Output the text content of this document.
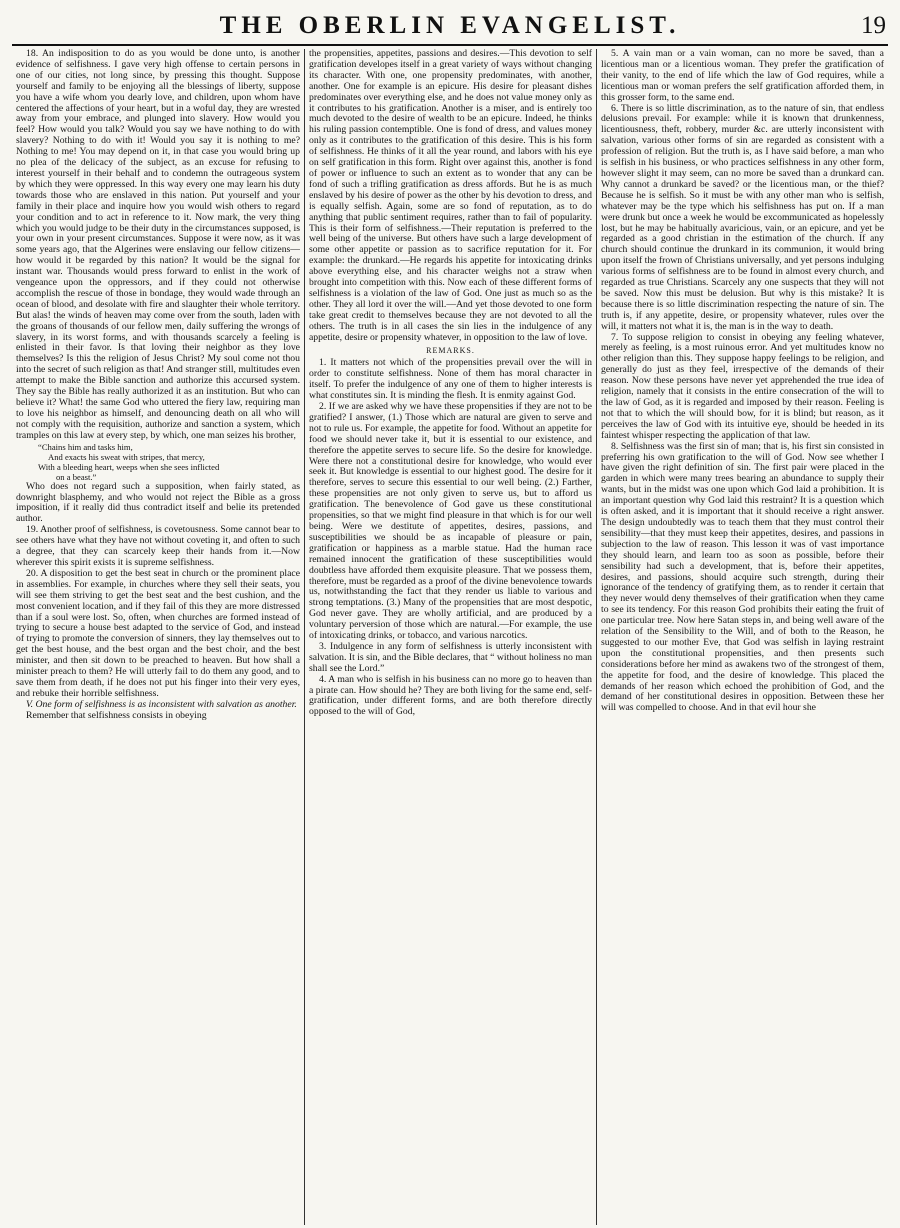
THE OBERLIN EVANGELIST.	19

18. An indisposition to do as you would be done unto, is another evidence of selfishness. I gave very high offense to certain persons in one of our cities, not long since, by pressing this thought. Suppose yourself and family to be enjoying all the blessings of liberty, suppose you have a wife whom you dearly love, and children, upon whom have centered the affections of your heart, but in a woful day, they are wrested away from your embrace, and plunged into slavery. How would you feel? How would you talk? Would you say we have nothing to do with slavery? Nothing to do with it! Would you say it is nothing to me? Nothing to me! You may depend on it, in that case you would bring up no plea of the delicacy of the subject, as an excuse for refusing to interest yourself in their behalf and to condemn the outrageous system by which they were oppressed. In this way every one may learn his duty towards those who are enslaved in this nation. Put yourself and your family in their place and inquire how you would wish others to regard your condition and to act in reference to it. Now mark, the very thing which you would judge to be their duty in the circumstances supposed, is your own in your present circumstances. Suppose it were now, as it was some years ago, that the Algerines were enslaving our fellow citizens—how would it be regarded by this nation? It would be the signal for instant war. Thousands would press forward to enlist in the work of vengeance upon the oppressors, and if they could not otherwise accomplish the rescue of those in bondage, they would wade through an ocean of blood, and desolate with fire and slaughter their whole territory. But alas! the winds of heaven may come over from the south, laden with the groans of thousands of our fellow men, daily suffering the wrongs of slavery, in its worst forms, and with thousands scarcely a feeling is enlisted in their favor. Is that loving their neighbor as they love themselves? Is this the religion of Jesus Christ? My soul come not thou into the secret of such religion as that! And stranger still, multitudes even attempt to make the Bible sanction and authorize this accursed system. They say the Bible has really authorized it as an institution. But who can believe it? What! the same God who uttered the fiery law, requiring man to love his neighbor as himself, and denouncing death on all who will not comply with the requisition, authorize and sanction a system, which tramples on this law at every step, by which, one man seizes his brother,

“Chains him and tasks him,
And exacts his sweat with stripes, that mercy,
With a bleeding heart, weeps when she sees inflicted
on a beast.”

Who does not regard such a supposition, when fairly stated, as downright blasphemy, and who would not reject the Bible as a gross imposition, if it really did thus contradict itself and belie its pretended author.

19. Another proof of selfishness, is covetousness. Some cannot bear to see others have what they have not without coveting it, and often to such a degree, that they can scarcely keep their hands from it.—Now wherever this spirit exists it is supreme selfishness.

20. A disposition to get the best seat in church or the prominent place in assemblies. For example, in churches where they sell their seats, you will see them striving to get the best seat and the best cushion, and the most convenient location, and if they fail of this they are more distressed than if a soul were lost. So, often, when churches are formed instead of trying to secure a house best adapted to the service of God, and instead of trying to promote the conversion of sinners, they lay themselves out to get the best house, and the best organ and the best choir, and the best minister, and then sit down to be preached to heaven. But how shall a minister preach to them? He will utterly fail to do them any good, and to save them from death, if he does not put his finger into their very eyes, and rebuke their horrible selfishness.

V. One form of selfishness is as inconsistent with salvation as another.

Remember that selfishness consists in obeying

the propensities, appetites, passions and desires.—This devotion to self gratification developes itself in a great variety of ways without changing its character. With one, one propensity predominates, with another, another. One for example is an epicure. His desire for pleasant dishes predominates over everything else, and he does not value money only as it contributes to his gratification. Another is a miser, and is entirely too much devoted to the desire of wealth to be an epicure. Indeed, he thinks his ruling passion contemptible. One is fond of dress, and values money only as it contributes to the gratification of this desire. This is his form of selfishness. He thinks of it all the year round, and labors with his eye on self gratification in this form. Right over against this, another is fond of power or influence to such an extent as to wonder that any can be fond of such a trifling gratification as dress affords. But he is as much enslaved by his desire of power as the other by his devotion to dress, and is equally selfish. Again, some are so fond of reputation, as to do anything that public sentiment requires, rather than to fail of popularity. This is their form of selfishness.—Their reputation is preferred to the well being of the universe. But others have such a large development of some other appetite or passion as to sacrifice reputation for it. For example: the drunkard.—He regards his appetite for intoxicating drinks above everything else, and his character weighs not a straw when brought into competition with this. Now each of these different forms of selfishness is a violation of the law of God. One just as much so as the other. They all lord it over the will.—And yet those devoted to one form take great credit to themselves because they are not devoted to all the others. The truth is in all cases the sin lies in the indulgence of any appetite, desire or propensity whatever, in opposition to the law of love.

REMARKS.

1. It matters not which of the propensities prevail over the will in order to constitute selfishness. None of them has moral character in itself. To prefer the indulgence of any one of them to higher interests is what constitutes sin. It is minding the flesh. It is enmity against God.

2. If we are asked why we have these propensities if they are not to be gratified? I answer, (1.) Those which are natural are given to serve and not to rule us. For example, the appetite for food. Without an appetite for food we should never take it, but it is essential to our existence, and therefore the appetite serves to secure life. So the desire for knowledge. Were there not a constitutional desire for knowledge, who would ever seek it. But knowledge is essential to our highest good. The desire for it therefore, serves to secure this essential to our well being. (2.) Farther, these propensities are not only given to serve us, but to afford us gratification. The benevolence of God gave us these constitutional propensities, so that we might find pleasure in that which is for our well being. Were we destitute of appetites, desires, passions, and susceptibilities we should be as incapable of pleasure or pain, gratification or happiness as a marble statue. Had the human race remained innocent the gratification of these susceptibilities would doubtless have afforded them exquisite pleasure. That we possess them, therefore, must be regarded as a proof of the divine benevolence towards us, notwithstanding the fact that they render us liable to various and strong temptations. (3.) Many of the propensities that are most despotic, God never gave. They are wholly artificial, and are produced by a voluntary perversion of those which are natural.—For example, the use of intoxicating drinks, or tobacco, and various narcotics.

3. Indulgence in any form of selfishness is utterly inconsistent with salvation. It is sin, and the Bible declares, that “ without holiness no man shall see the Lord.”

4. A man who is selfish in his business can no more go to heaven than a pirate can. How should he? They are both living for the same end, self-gratification, under different forms, and are both therefore directly opposed to the will of God,

5. A vain man or a vain woman, can no more be saved, than a licentious man or a licentious woman. They prefer the gratification of their vanity, to the end of life which the law of God requires, while a licentious man or woman prefers the self gratification afforded them, in this grosser form, to the same end.

6. There is so little discrimination, as to the nature of sin, that endless delusions prevail. For example: while it is known that drunkenness, licentiousness, theft, robbery, murder &c. are utterly inconsistent with salvation, various other forms of sin are regarded as consistent with a profession of religion. But the truth is, as I have said before, a man who is selfish in his business, or who practices selfishness in any other form, however slight it may seem, can no more be saved than a drunkard can. Why cannot a drunkard be saved? or the licentious man, or the thief? Because he is selfish. So it must be with any other man who is selfish, whatever may be the type which his selfishness has put on. If a man were drunk but once a week he would be excommunicated as hopelessly lost, but he may be habitually avaricious, vain, or an epicure, and yet be regarded as a good christian in the estimation of the church. If any church should continue the drunkard in its communion, it would bring upon itself the frown of Christians universally, and yet persons indulging various forms of selfishness are to be found in almost every church, and regarded as true Christians. Scarcely any one suspects that they will not be saved. Now this must be delusion. But why is this mistake? It is because there is so little discrimination respecting the nature of sin. The truth is, if any appetite, desire, or propensity whatever, rules over the will, it matters not what it is, the man is in the way to death.

7. To suppose religion to consist in obeying any feeling whatever, merely as feeling, is a most ruinous error. And yet multitudes know no other religion than this. They suppose happy feelings to be religion, and generally do just as they feel, irrespective of the demands of their reason. Now these persons have never yet apprehended the true idea of religion, namely that it consists in the entire consecration of the will to the law of God, as it is regarded and imposed by their reason. Feeling is not that to which the will should bow, for it is blind; but reason, as it perceives the law of God with its intuitive eye, should be heeded in its faintest whisper respecting the application of that law.

8. Selfishness was the first sin of man; that is, his first sin consisted in preferring his own gratification to the will of God. Now see whether I have given the right definition of sin. The first pair were placed in the garden in which were many trees bearing an abundance to supply their wants, but in the midst was one upon which God laid a prohibition. It is an important question why God laid this restraint? It is a question which is often asked, and it is important that it should receive a right answer. The design undoubtedly was to teach them that they must control their sensibility—that they must keep their appetites, desires, and passions in subjection to the law of reason. This lesson it was of vast importance they should learn, and learn too as soon as possible, before their sensibility had such a development, that is, before their appetites, desires, and passions, should acquire such strength, during their ignorance of the tendency of gratifying them, as to render it certain that they never would deny themselves of their gratification when they came to see its tendency. For this reason God prohibits their eating the fruit of one particular tree. Now here Satan steps in, and being well aware of the relation of the Sensibility to the Will, and of both to the Reason, he suggested to our mother Eve, that God was selfish in laying restraint upon the constitutional propensities, and then presents such considerations before her mind as awakens two of the strongest of them, the appetite for food, and the desire of knowledge. This placed the demands of her reason which echoed the prohibition of God, and the demand of her constitutional desires in opposition. Between these her will was compelled to choose. And in that evil hour she
